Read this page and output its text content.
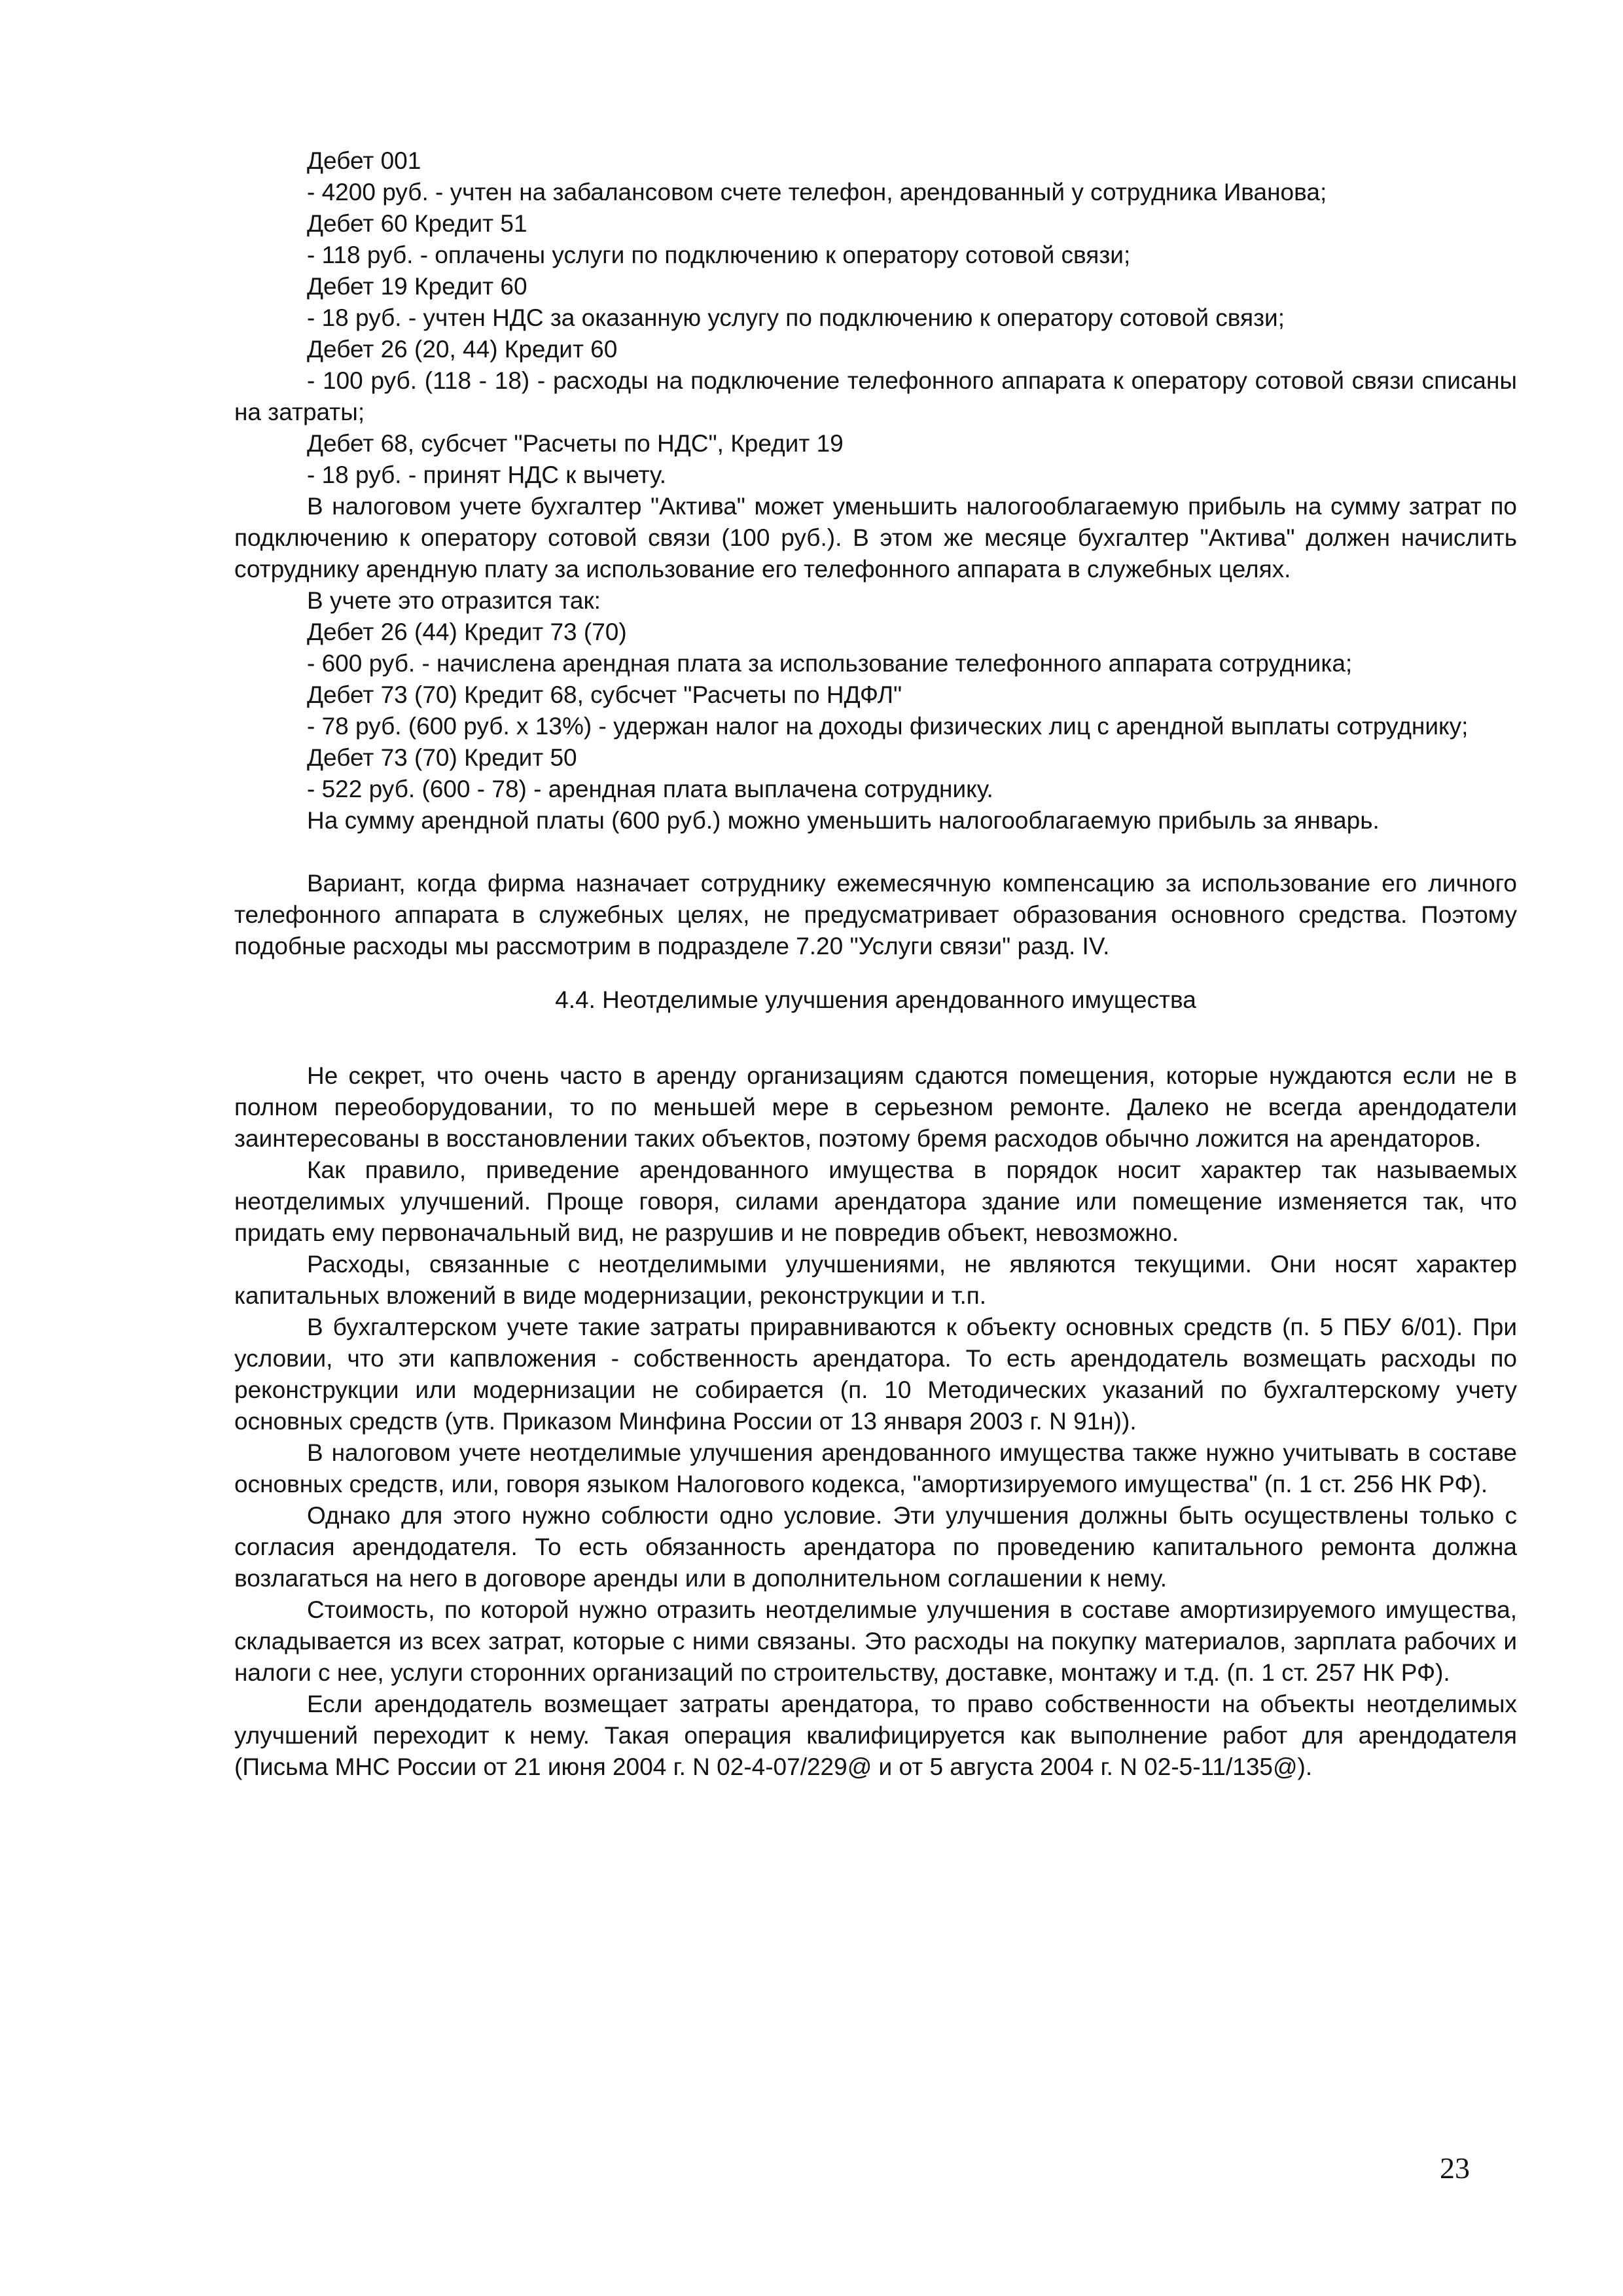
Дебет 001
- 4200 руб. - учтен на забалансовом счете телефон, арендованный у сотрудника Иванова;
Дебет 60 Кредит 51
- 118 руб. - оплачены услуги по подключению к оператору сотовой связи;
Дебет 19 Кредит 60
- 18 руб. - учтен НДС за оказанную услугу по подключению к оператору сотовой связи;
Дебет 26 (20, 44) Кредит 60

- 100 руб. (118 - 18) - расходы на подключение телефонного аппарата к оператору сотовой связи списаны на затраты;

Дебет 68, субсчет "Расчеты по НДС", Кредит 19
- 18 руб. - принят НДС к вычету.

В налоговом учете бухгалтер "Актива" может уменьшить налогооблагаемую прибыль на сумму затрат по подключению к оператору сотовой связи (100 руб.). В этом же месяце бухгалтер "Актива" должен начислить сотруднику арендную плату за использование его телефонного аппарата в служебных целях.

В учете это отразится так:
Дебет 26 (44) Кредит 73 (70)
- 600 руб. - начислена арендная плата за использование телефонного аппарата сотрудника;
Дебет 73 (70) Кредит 68, субсчет "Расчеты по НДФЛ"

- 78 руб. (600 руб. х 13%) - удержан налог на доходы физических лиц с арендной выплаты сотруднику;

Дебет 73 (70) Кредит 50
- 522 руб. (600 - 78) - арендная плата выплачена сотруднику.

На сумму арендной платы (600 руб.) можно уменьшить налогооблагаемую прибыль за январь.

Вариант, когда фирма назначает сотруднику ежемесячную компенсацию за использование его личного телефонного аппарата в служебных целях, не предусматривает образования основного средства. Поэтому подобные расходы мы рассмотрим в подразделе 7.20 "Услуги связи" разд. IV.

4.4. Неотделимые улучшения арендованного имущества

Не секрет, что очень часто в аренду организациям сдаются помещения, которые нуждаются если не в полном переоборудовании, то по меньшей мере в серьезном ремонте. Далеко не всегда арендодатели заинтересованы в восстановлении таких объектов, поэтому бремя расходов обычно ложится на арендаторов.

Как правило, приведение арендованного имущества в порядок носит характер так называемых неотделимых улучшений. Проще говоря, силами арендатора здание или помещение изменяется так, что придать ему первоначальный вид, не разрушив и не повредив объект, невозможно.

Расходы, связанные с неотделимыми улучшениями, не являются текущими. Они носят характер капитальных вложений в виде модернизации, реконструкции и т.п.

В бухгалтерском учете такие затраты приравниваются к объекту основных средств (п. 5 ПБУ 6/01). При условии, что эти капвложения - собственность арендатора. То есть арендодатель возмещать расходы по реконструкции или модернизации не собирается (п. 10 Методических указаний по бухгалтерскому учету основных средств (утв. Приказом Минфина России от 13 января 2003 г. N 91н)).

В налоговом учете неотделимые улучшения арендованного имущества также нужно учитывать в составе основных средств, или, говоря языком Налогового кодекса, "амортизируемого имущества" (п. 1 ст. 256 НК РФ).

Однако для этого нужно соблюсти одно условие. Эти улучшения должны быть осуществлены только с согласия арендодателя. То есть обязанность арендатора по проведению капитального ремонта должна возлагаться на него в договоре аренды или в дополнительном соглашении к нему.

Стоимость, по которой нужно отразить неотделимые улучшения в составе амортизируемого имущества, складывается из всех затрат, которые с ними связаны. Это расходы на покупку материалов, зарплата рабочих и налоги с нее, услуги сторонних организаций по строительству, доставке, монтажу и т.д. (п. 1 ст. 257 НК РФ).

Если арендодатель возмещает затраты арендатора, то право собственности на объекты неотделимых улучшений переходит к нему. Такая операция квалифицируется как выполнение работ для арендодателя (Письма МНС России от 21 июня 2004 г. N 02-4-07/229@ и от 5 августа 2004 г. N 02-5-11/135@).

23
